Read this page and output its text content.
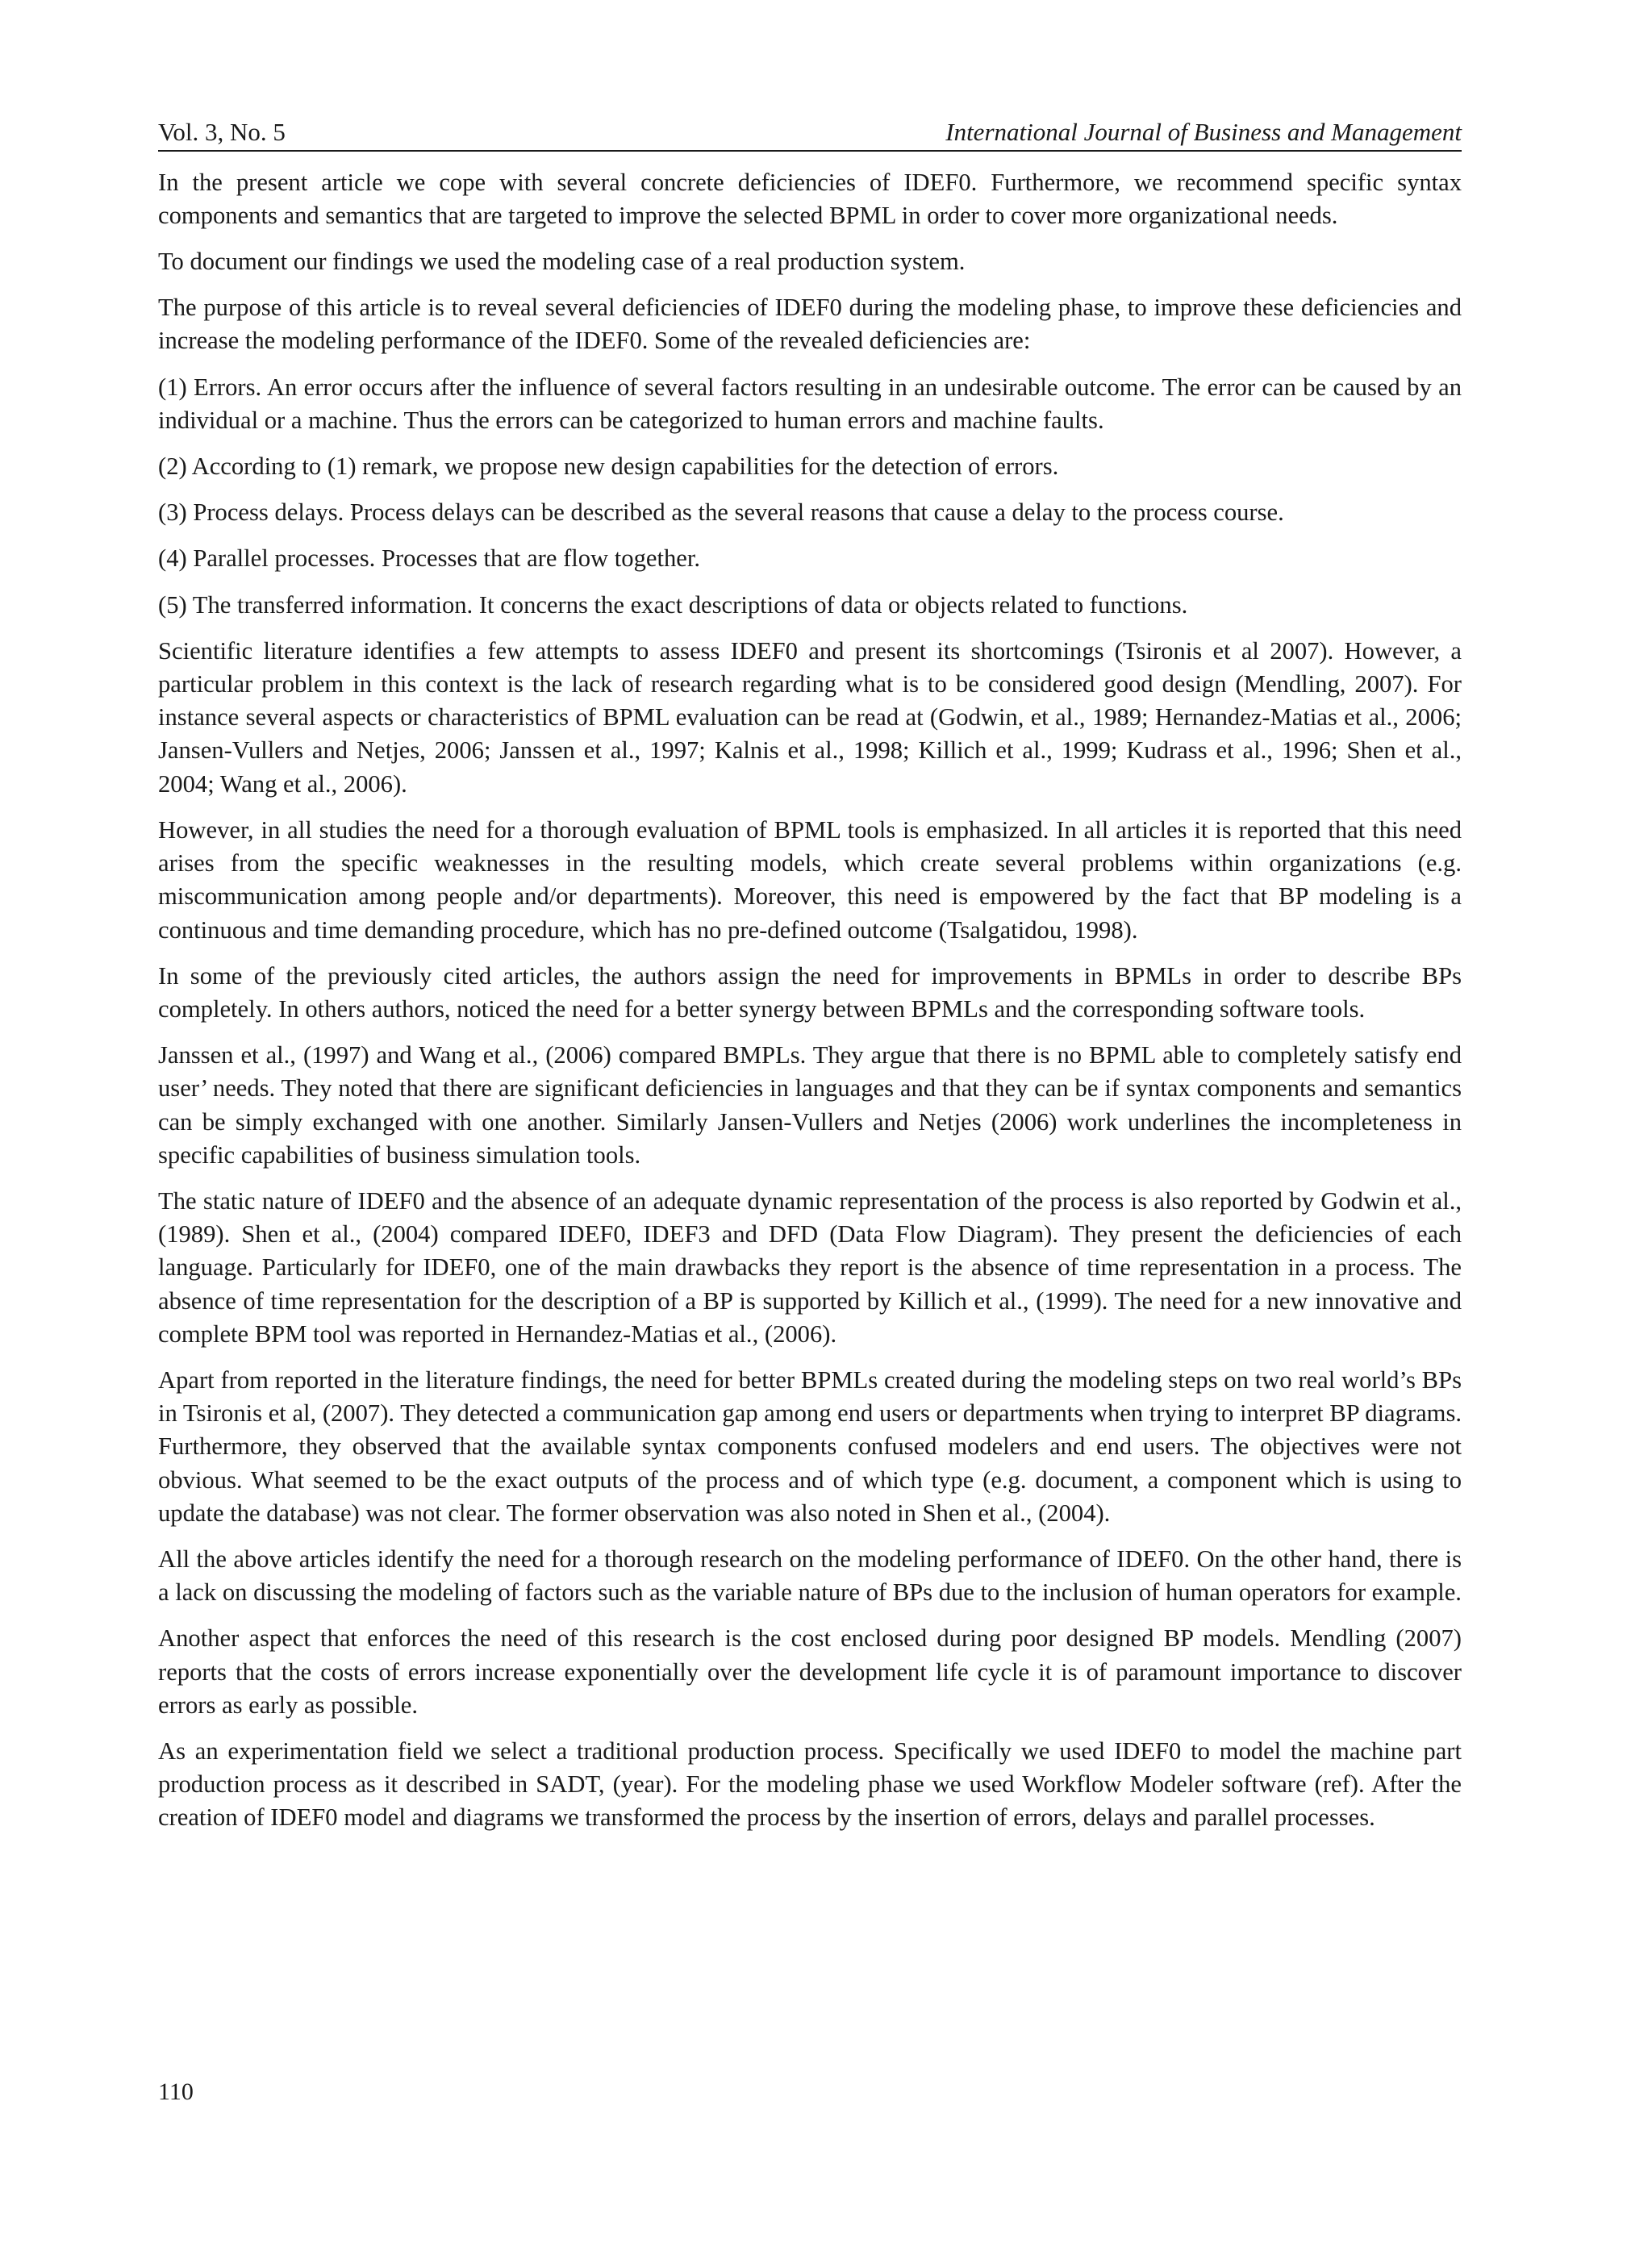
Vol. 3, No. 5	International Journal of Business and Management

In the present article we cope with several concrete deficiencies of IDEF0. Furthermore, we recommend specific syntax components and semantics that are targeted to improve the selected BPML in order to cover more organizational needs.

To document our findings we used the modeling case of a real production system.

The purpose of this article is to reveal several deficiencies of IDEF0 during the modeling phase, to improve these deficiencies and increase the modeling performance of the IDEF0. Some of the revealed deficiencies are:

(1) Errors. An error occurs after the influence of several factors resulting in an undesirable outcome. The error can be caused by an individual or a machine. Thus the errors can be categorized to human errors and machine faults.

(2) According to (1) remark, we propose new design capabilities for the detection of errors.

(3) Process delays. Process delays can be described as the several reasons that cause a delay to the process course.

(4) Parallel processes. Processes that are flow together.

(5) The transferred information. It concerns the exact descriptions of data or objects related to functions.

Scientific literature identifies a few attempts to assess IDEF0 and present its shortcomings (Tsironis et al 2007). However, a particular problem in this context is the lack of research regarding what is to be considered good design (Mendling, 2007). For instance several aspects or characteristics of BPML evaluation can be read at (Godwin, et al., 1989; Hernandez-Matias et al., 2006; Jansen-Vullers and Netjes, 2006; Janssen et al., 1997; Kalnis et al., 1998; Killich et al., 1999; Kudrass et al., 1996; Shen et al., 2004; Wang et al., 2006).

However, in all studies the need for a thorough evaluation of BPML tools is emphasized. In all articles it is reported that this need arises from the specific weaknesses in the resulting models, which create several problems within organizations (e.g. miscommunication among people and/or departments). Moreover, this need is empowered by the fact that BP modeling is a continuous and time demanding procedure, which has no pre-defined outcome (Tsalgatidou, 1998).

In some of the previously cited articles, the authors assign the need for improvements in BPMLs in order to describe BPs completely. In others authors, noticed the need for a better synergy between BPMLs and the corresponding software tools.

Janssen et al., (1997) and Wang et al., (2006) compared BMPLs. They argue that there is no BPML able to completely satisfy end user’ needs. They noted that there are significant deficiencies in languages and that they can be if syntax components and semantics can be simply exchanged with one another. Similarly Jansen-Vullers and Netjes (2006) work underlines the incompleteness in specific capabilities of business simulation tools.

The static nature of IDEF0 and the absence of an adequate dynamic representation of the process is also reported by Godwin et al., (1989). Shen et al., (2004) compared IDEF0, IDEF3 and DFD (Data Flow Diagram). They present the deficiencies of each language. Particularly for IDEF0, one of the main drawbacks they report is the absence of time representation in a process. The absence of time representation for the description of a BP is supported by Killich et al., (1999). The need for a new innovative and complete BPM tool was reported in Hernandez-Matias et al., (2006).

Apart from reported in the literature findings, the need for better BPMLs created during the modeling steps on two real world’s BPs in Tsironis et al, (2007). They detected a communication gap among end users or departments when trying to interpret BP diagrams. Furthermore, they observed that the available syntax components confused modelers and end users. The objectives were not obvious. What seemed to be the exact outputs of the process and of which type (e.g. document, a component which is using to update the database) was not clear. The former observation was also noted in Shen et al., (2004).

All the above articles identify the need for a thorough research on the modeling performance of IDEF0. On the other hand, there is a lack on discussing the modeling of factors such as the variable nature of BPs due to the inclusion of human operators for example.

Another aspect that enforces the need of this research is the cost enclosed during poor designed BP models. Mendling (2007) reports that the costs of errors increase exponentially over the development life cycle it is of paramount importance to discover errors as early as possible.

As an experimentation field we select a traditional production process. Specifically we used IDEF0 to model the machine part production process as it described in SADT, (year). For the modeling phase we used Workflow Modeler software (ref). After the creation of IDEF0 model and diagrams we transformed the process by the insertion of errors, delays and parallel processes.

110
